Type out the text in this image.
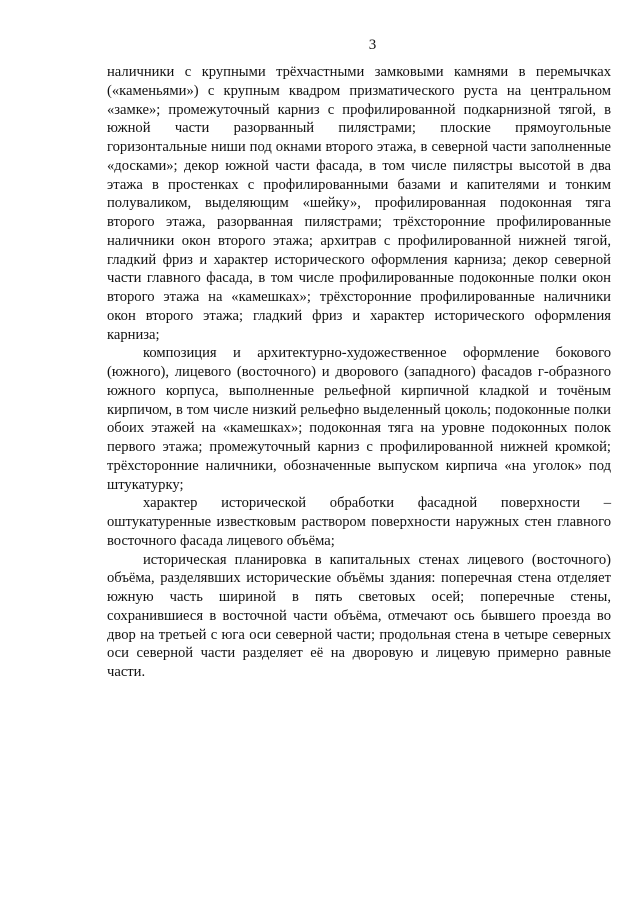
3

наличники с крупными трёхчастными замковыми камнями в перемычках («каменьями») с крупным квадром призматического руста на центральном «замке»; промежуточный карниз с профилированной подкарнизной тягой, в южной части разорванный пилястрами; плоские прямоугольные горизонтальные ниши под окнами второго этажа, в северной части заполненные «досками»; декор южной части фасада, в том числе пилястры высотой в два этажа в простенках с профилированными базами и капителями и тонким полуваликом, выделяющим «шейку», профилированная подоконная тяга второго этажа, разорванная пилястрами; трёхсторонние профилированные наличники окон второго этажа; архитрав с профилированной нижней тягой, гладкий фриз и характер исторического оформления карниза; декор северной части главного фасада, в том числе профилированные подоконные полки окон второго этажа на «камешках»; трёхсторонние профилированные наличники окон второго этажа; гладкий фриз и характер исторического оформления карниза;

композиция и архитектурно-художественное оформление бокового (южного), лицевого (восточного) и дворового (западного) фасадов г-образного южного корпуса, выполненные рельефной кирпичной кладкой и точёным кирпичом, в том числе низкий рельефно выделенный цоколь; подоконные полки обоих этажей на «камешках»; подоконная тяга на уровне подоконных полок первого этажа; промежуточный карниз с профилированной нижней кромкой; трёхсторонние наличники, обозначенные выпуском кирпича «на уголок» под штукатурку;

характер исторической обработки фасадной поверхности – оштукатуренные известковым раствором поверхности наружных стен главного восточного фасада лицевого объёма;

историческая планировка в капитальных стенах лицевого (восточного) объёма, разделявших исторические объёмы здания: поперечная стена отделяет южную часть шириной в пять световых осей; поперечные стены, сохранившиеся в восточной части объёма, отмечают ось бывшего проезда во двор на третьей с юга оси северной части; продольная стена в четыре северных оси северной части разделяет её на дворовую и лицевую примерно равные части.
